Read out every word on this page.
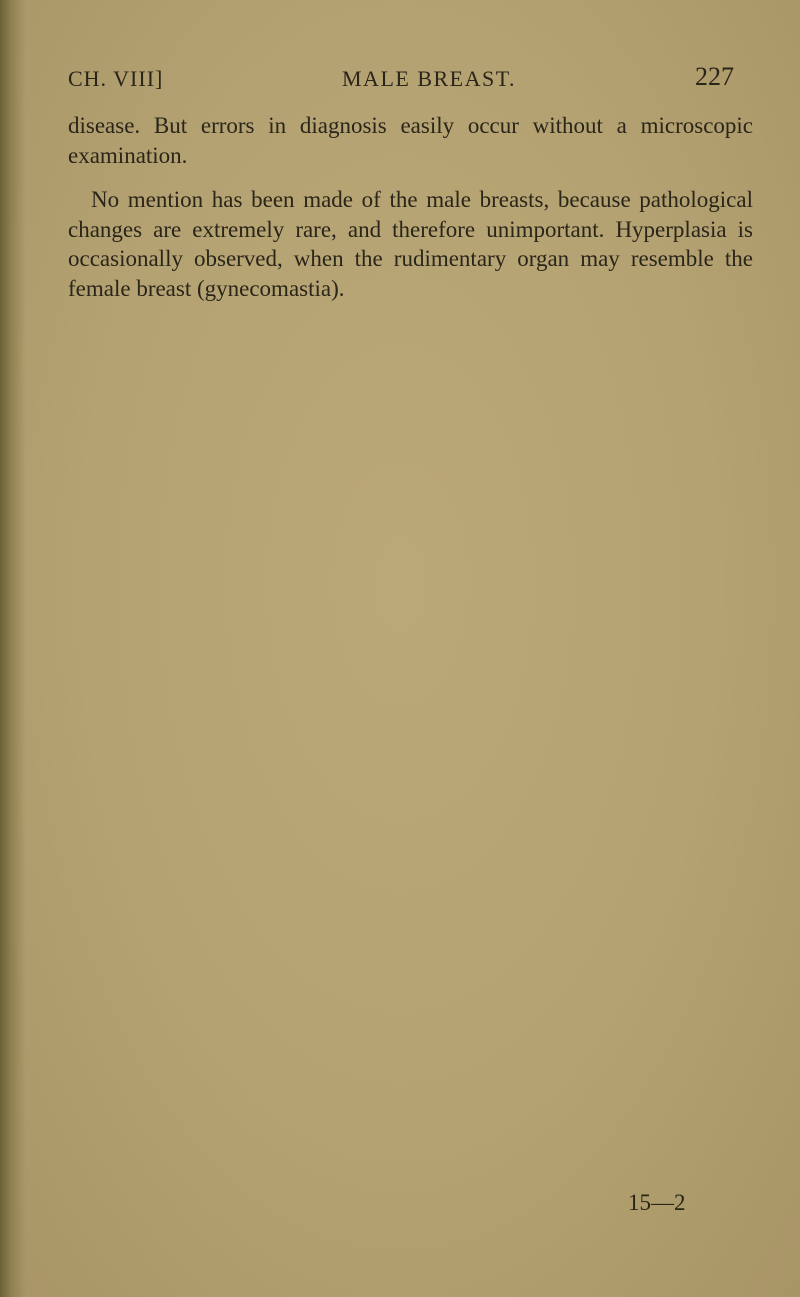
CH. VIII]	MALE BREAST.	227

disease. But errors in diagnosis easily occur without a microscopic examination.

No mention has been made of the male breasts, because pathological changes are extremely rare, and therefore unimportant. Hyperplasia is occasionally observed, when the rudimentary organ may resemble the female breast (gynecomastia).

15—2
